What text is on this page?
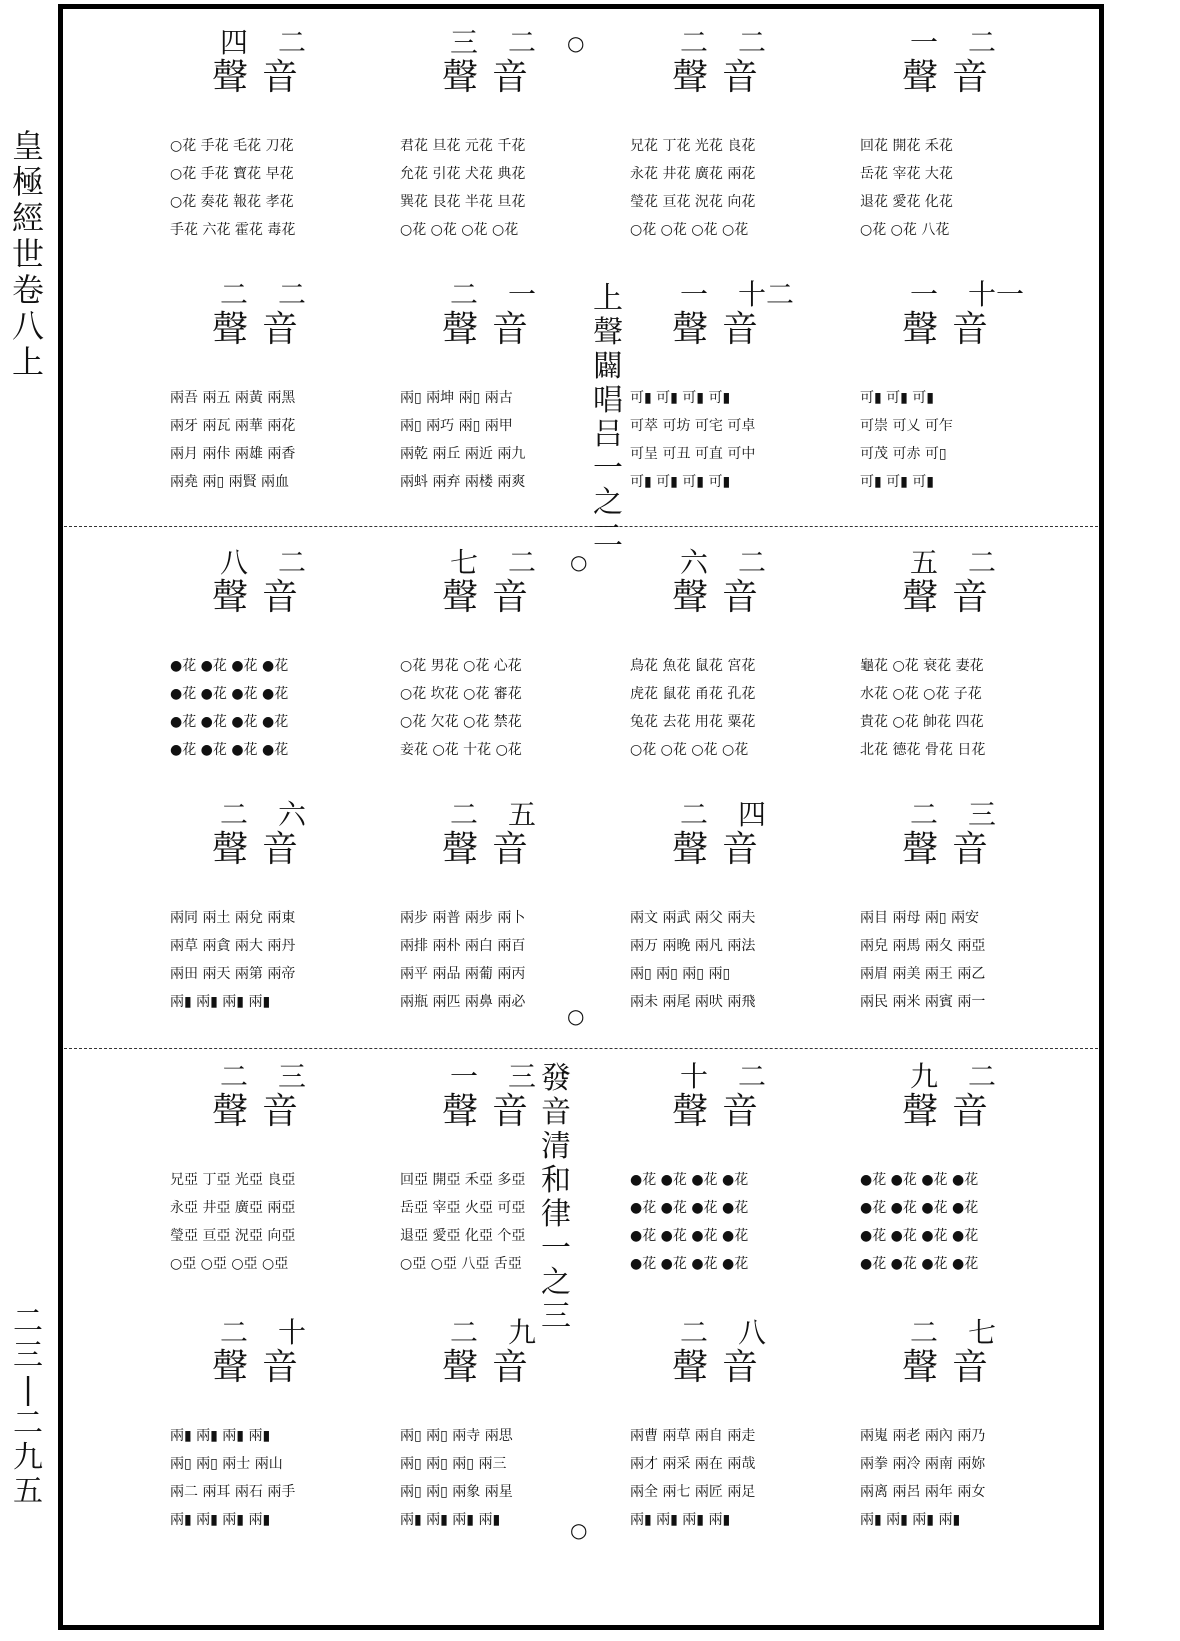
皇
極
經
世
卷
八
上
二
三
|
二
九
五
四 二
聲 音
○花 手花 毛花 刀花
○花 手花 寶花 早花
○花 奏花 報花 孝花
手花 六花 霍花 毒花
三 二
聲 音
君花 旦花 元花 千花
允花 引花 犬花 典花
巽花 艮花 半花 旦花
○花 ○花 ○花 ○花
二 二
聲 音
兄花 丁花 光花 良花
永花 井花 廣花 兩花
瑩花 亘花 況花 向花
○花 ○花 ○花 ○花
一 二
聲 音
回花 開花 禾花
岳花 宰花 大花
退花 愛花 化花
○花 ○花 八花
二 二
聲 音
兩吾 兩五 兩黃 兩黑
兩牙 兩瓦 兩華 兩花
兩月 兩佧 兩雄 兩香
兩堯 兩▯ 兩賢 兩血
二 一
聲 音
兩▯ 兩坤 兩▯ 兩古
兩▯ 兩巧 兩▯ 兩甲
兩乾 兩丘 兩近 兩九
兩蚪 兩弃 兩楼 兩爽
一 十二
聲 音
可▮ 可▮ 可▮ 可▮
可萃 可坊 可宅 可卓
可呈 可丑 可直 可中
可▮ 可▮ 可▮ 可▮
一 十一
聲 音
可▮ 可▮ 可▮
可崇 可乂 可乍
可茂 可赤 可▯
可▮ 可▮ 可▮
八 二
聲 音
●花 ●花 ●花 ●花
●花 ●花 ●花 ●花
●花 ●花 ●花 ●花
●花 ●花 ●花 ●花
七 二
聲 音
○花 男花 ○花 心花
○花 坎花 ○花 審花
○花 欠花 ○花 禁花
妾花 ○花 十花 ○花
六 二
聲 音
鳥花 魚花 鼠花 宮花
虎花 鼠花 甬花 孔花
兔花 去花 用花 粟花
○花 ○花 ○花 ○花
五 二
聲 音
龜花 ○花 衰花 妻花
水花 ○花 ○花 子花
貴花 ○花 帥花 四花
北花 德花 骨花 日花
二 六
聲 音
兩同 兩土 兩兌 兩東
兩草 兩貪 兩大 兩丹
兩田 兩天 兩第 兩帝
兩▮ 兩▮ 兩▮ 兩▮
二 五
聲 音
兩步 兩普 兩步 兩卜
兩排 兩朴 兩白 兩百
兩平 兩品 兩葡 兩丙
兩瓶 兩匹 兩鼻 兩必
二 四
聲 音
兩文 兩武 兩父 兩夫
兩万 兩晚 兩凡 兩法
兩▯ 兩▯ 兩▯ 兩▯
兩未 兩尾 兩吠 兩飛
二 三
聲 音
兩目 兩母 兩▯ 兩安
兩皃 兩馬 兩夂 兩亞
兩眉 兩美 兩王 兩乙
兩民 兩米 兩賓 兩一
二 三
聲 音
兄亞 丁亞 光亞 良亞
永亞 井亞 廣亞 兩亞
瑩亞 亘亞 況亞 向亞
○亞 ○亞 ○亞 ○亞
一 三
聲 音
回亞 開亞 禾亞 多亞
岳亞 宰亞 火亞 可亞
退亞 愛亞 化亞 个亞
○亞 ○亞 八亞 舌亞
十 二
聲 音
●花 ●花 ●花 ●花
●花 ●花 ●花 ●花
●花 ●花 ●花 ●花
●花 ●花 ●花 ●花
九 二
聲 音
●花 ●花 ●花 ●花
●花 ●花 ●花 ●花
●花 ●花 ●花 ●花
●花 ●花 ●花 ●花
二 十
聲 音
兩▮ 兩▮ 兩▮ 兩▮
兩▯ 兩▯ 兩士 兩山
兩二 兩耳 兩石 兩手
兩▮ 兩▮ 兩▮ 兩▮
二 九
聲 音
兩▯ 兩▯ 兩寺 兩思
兩▯ 兩▯ 兩▯ 兩三
兩▯ 兩▯ 兩象 兩星
兩▮ 兩▮ 兩▮ 兩▮
二 八
聲 音
兩曹 兩草 兩自 兩走
兩才 兩采 兩在 兩哉
兩全 兩七 兩匠 兩足
兩▮ 兩▮ 兩▮ 兩▮
二 七
聲 音
兩嵬 兩老 兩內 兩乃
兩拳 兩冷 兩南 兩妳
兩离 兩呂 兩年 兩女
兩▮ 兩▮ 兩▮ 兩▮
上
聲
闢
唱
吕
一
之
二
發
音
清
和
律
一
之
三
○
○
○
○
